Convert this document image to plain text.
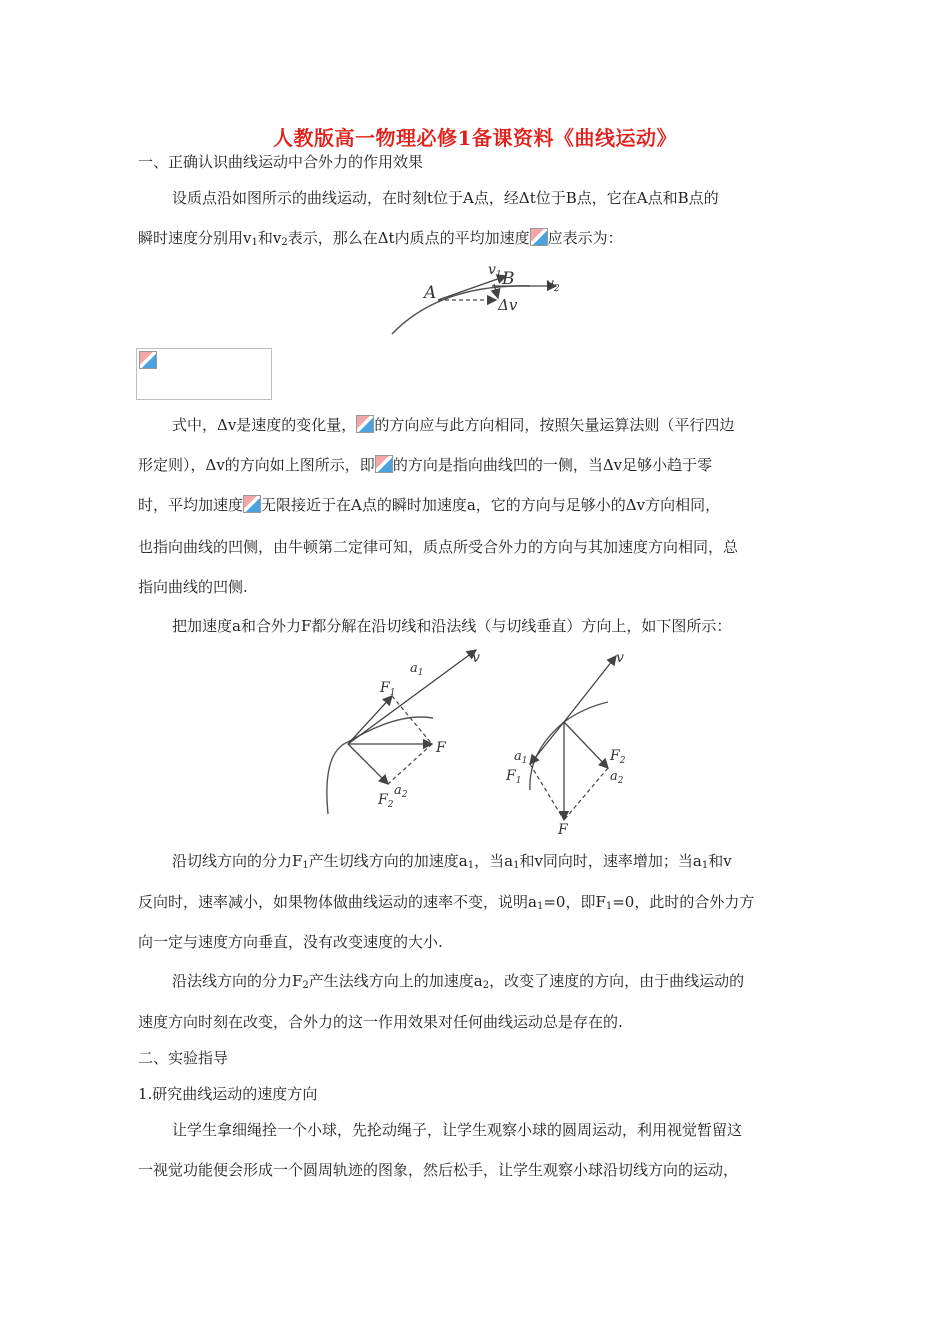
人教版高一物理必修1备课资料《曲线运动》
一、正确认识曲线运动中合外力的作用效果
设质点沿如图所示的曲线运动，在时刻t位于A点，经Δt位于B点，它在A点和B点的
瞬时速度分别用$v_1$和$v_2$表示，那么在Δt内质点的平均加速度 应表示为：
A
B
$v_1$
$v_2$
Δv
式中，Δv是速度的变化量， 的方向应与此方向相同，按照矢量运算法则（平行四边
形定则），Δv的方向如上图所示，即 的方向是指向曲线凹的一侧，当Δv足够小趋于零
时，平均加速度 无限接近于在A点的瞬时加速度a，它的方向与足够小的Δv方向相同，
也指向曲线的凹侧，由牛顿第二定律可知，质点所受合外力的方向与其加速度方向相同，总
指向曲线的凹侧.
把加速度a和合外力F都分解在沿切线和沿法线（与切线垂直）方向上，如下图所示：
v
$a_1$
$F_1$
F
$a_2$
$F_2$
v
$a_1$
$F_1$
$F_2$
$a_2$
F
沿切线方向的分力$F_1$产生切线方向的加速度$a_1$，当$a_1$和v同向时，速率增加；当$a_1$和v
反向时，速率减小，如果物体做曲线运动的速率不变，说明$a_1=0$，即$F_1=0$，此时的合外力方
向一定与速度方向垂直，没有改变速度的大小.
沿法线方向的分力$F_2$产生法线方向上的加速度$a_2$，改变了速度的方向，由于曲线运动的
速度方向时刻在改变，合外力的这一作用效果对任何曲线运动总是存在的.
二、实验指导
1.研究曲线运动的速度方向
让学生拿细绳拴一个小球，先抡动绳子，让学生观察小球的圆周运动，利用视觉暂留这
一视觉功能便会形成一个圆周轨迹的图象，然后松手，让学生观察小球沿切线方向的运动，
